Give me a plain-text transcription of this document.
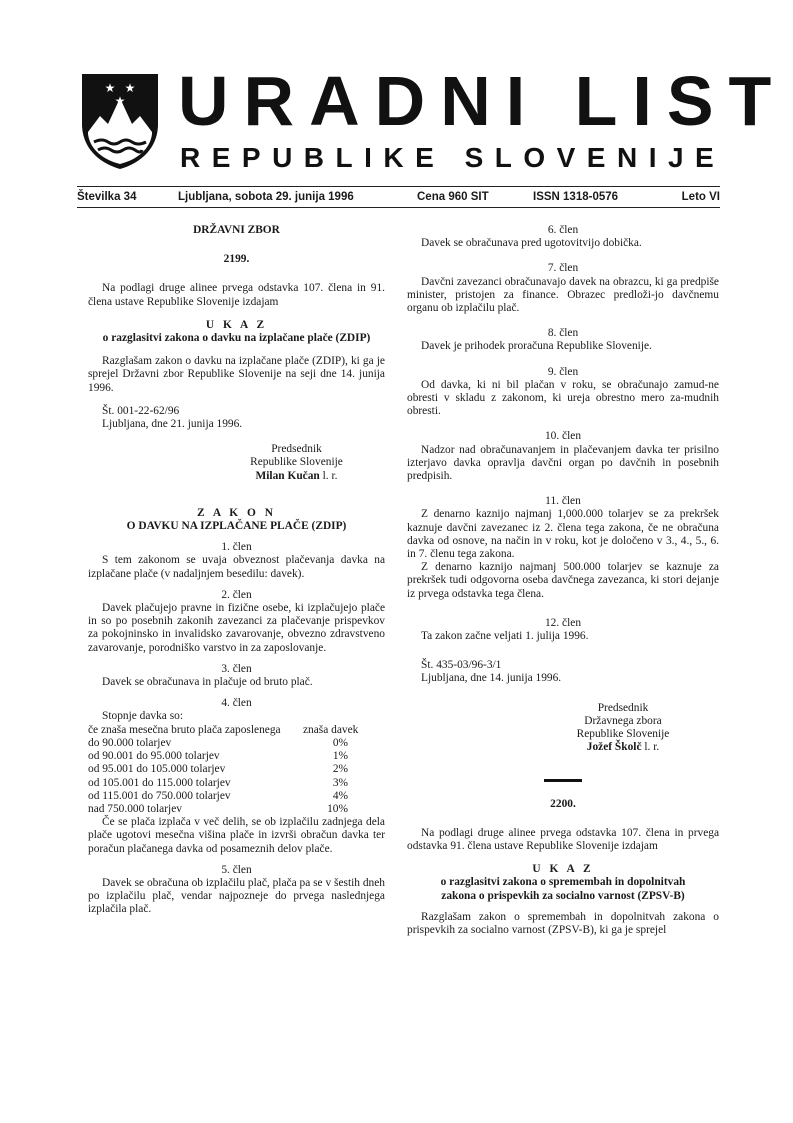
★ ★
★ URADNI LIST
REPUBLIKE SLOVENIJE
Številka 34	Ljubljana, sobota 29. junija 1996	Cena 960 SIT	ISSN 1318-0576	Leto VI

DRŽAVNI ZBOR

2199.

Na podlagi druge alinee prvega odstavka 107. člena in 91. člena ustave Republike Slovenije izdajam

U K A Z

o razglasitvi zakona o davku na izplačane plače (ZDIP)

Razglašam zakon o davku na izplačane plače (ZDIP), ki ga je sprejel Državni zbor Republike Slovenije na seji dne 14. junija 1996.

Št. 001-22-62/96

Ljubljana, dne 21. junija 1996.

Predsednik

Republike Slovenije

Milan Kučan l. r.

Z A K O N

O DAVKU NA IZPLAČANE PLAČE (ZDIP)

1. člen

S tem zakonom se uvaja obveznost plačevanja davka na izplačane plače (v nadaljnjem besedilu: davek).

2. člen

Davek plačujejo pravne in fizične osebe, ki izplačujejo plače in so po posebnih zakonih zavezanci za plačevanje prispevkov za pokojninsko in invalidsko zavarovanje, obvezno zdravstveno zavarovanje, porodniško varstvo in za zaposlovanje.

3. člen

Davek se obračunava in plačuje od bruto plač.

4. člen

Stopnje davka so:

če znaša mesečna bruto plača zaposlenega	znaša davek
do 90.000 tolarjev	0%
od 90.001 do 95.000 tolarjev	1%
od 95.001 do 105.000 tolarjev	2%
od 105.001 do 115.000 tolarjev	3%
od 115.001 do 750.000 tolarjev	4%
nad 750.000 tolarjev	10%

Če se plača izplača v več delih, se ob izplačilu zadnjega dela plače ugotovi mesečna višina plače in izvrši obračun davka ter poračun plačanega davka od posameznih delov plače.

5. člen

Davek se obračuna ob izplačilu plač, plača pa se v šestih dneh po izplačilu plač, vendar najpozneje do prvega naslednjega izplačila plač.

6. člen

Davek se obračunava pred ugotovitvijo dobička.

7. člen

Davčni zavezanci obračunavajo davek na obrazcu, ki ga predpiše minister, pristojen za finance. Obrazec predloži-jo davčnemu organu ob izplačilu plač.

8. člen

Davek je prihodek proračuna Republike Slovenije.

9. člen

Od davka, ki ni bil plačan v roku, se obračunajo zamud-ne obresti v skladu z zakonom, ki ureja obrestno mero za-mudnih obresti.

10. člen

Nadzor nad obračunavanjem in plačevanjem davka ter prisilno izterjavo davka opravlja davčni organ po davčnih in posebnih predpisih.

11. člen

Z denarno kaznijo najmanj 1,000.000 tolarjev se za prekršek kaznuje davčni zavezanec iz 2. člena tega zakona, če ne obračuna davka od osnove, na način in v roku, kot je določeno v 3., 4., 5., 6. in 7. členu tega zakona.

Z denarno kaznijo najmanj 500.000 tolarjev se kaznuje za prekršek tudi odgovorna oseba davčnega zavezanca, ki stori dejanje iz prvega odstavka tega člena.

12. člen

Ta zakon začne veljati 1. julija 1996.

Št. 435-03/96-3/1

Ljubljana, dne 14. junija 1996.

Predsednik

Državnega zbora

Republike Slovenije

Jožef Školč l. r.

2200.

Na podlagi druge alinee prvega odstavka 107. člena in prvega odstavka 91. člena ustave Republike Slovenije izdajam

U K A Z

o razglasitvi zakona o spremembah in dopolnitvah

zakona o prispevkih za socialno varnost (ZPSV-B)

Razglašam zakon o spremembah in dopolnitvah zakona o prispevkih za socialno varnost (ZPSV-B), ki ga je sprejel
